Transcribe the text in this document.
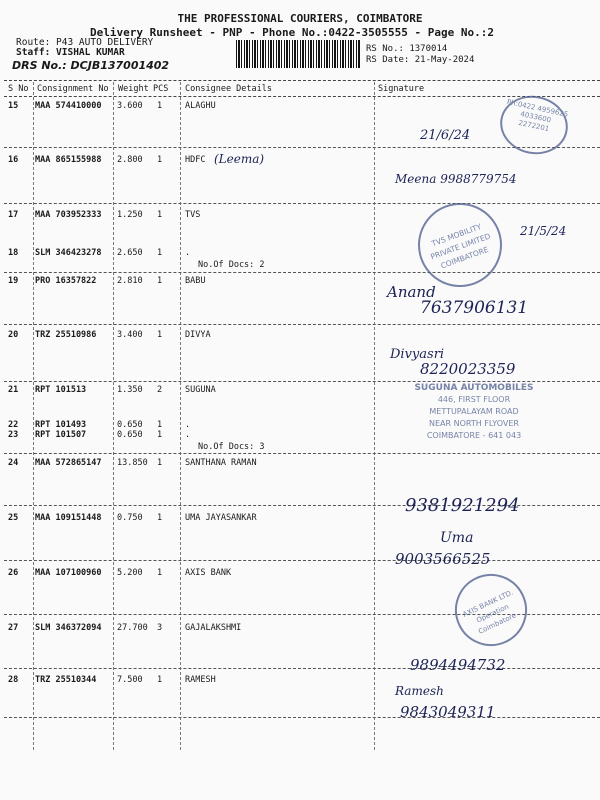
THE PROFESSIONAL COURIERS, COIMBATORE
Delivery Runsheet - PNP - Phone No.:0422-3505555 - Page No.:2
Route: P43 AUTO DELIVERY
Staff: VISHAL KUMAR
DRS No.: DCJB137001402
RS No.: 1370014
RS Date: 21-May-2024
S No Consignment No Weight PCS Consignee Details	Signature
15 MAA 574410000 3.600 1	ALAGHU
16 MAA 865155988 2.800 1	HDFC
17 MAA 703952333 1.250 1	TVS
18 SLM 346423278 2.650 1	.
No.Of Docs: 2
19 PRO 16357822 2.810 1	BABU
20 TRZ 25510986 3.400 1	DIVYA
21 RPT 101513	1.350 2	SUGUNA
22 RPT 101493	0.650 1	.
23 RPT 101507	0.650 1	.
No.Of Docs: 3
24 MAA 572865147 13.850 1	SANTHANA RAMAN
25 MAA 109151448 0.750 1	UMA JAYASANKAR
26 MAA 107100960 5.200 1	AXIS BANK
27 SLM 346372094 27.700 3	GAJALAKSHMI
28 TRZ 25510344 7.500 1	RAMESH
Ph:0422 4959625 4033600 2272201
TVS MOBILITY PRIVATE LIMITED COIMBATORE
SUGUNA AUTOMOBILES
446, FIRST FLOOR
METTUPALAYAM ROAD
NEAR NORTH FLYOVER
COIMBATORE - 641 043
AXIS BANK LTD. Operation Coimbatore
21/6/24
(Leema)
Meena 9988779754
21/5/24
Anand
7637906131
Divyasri
8220023359
9381921294
Uma
9003566525
9894494732
Ramesh
9843049311
